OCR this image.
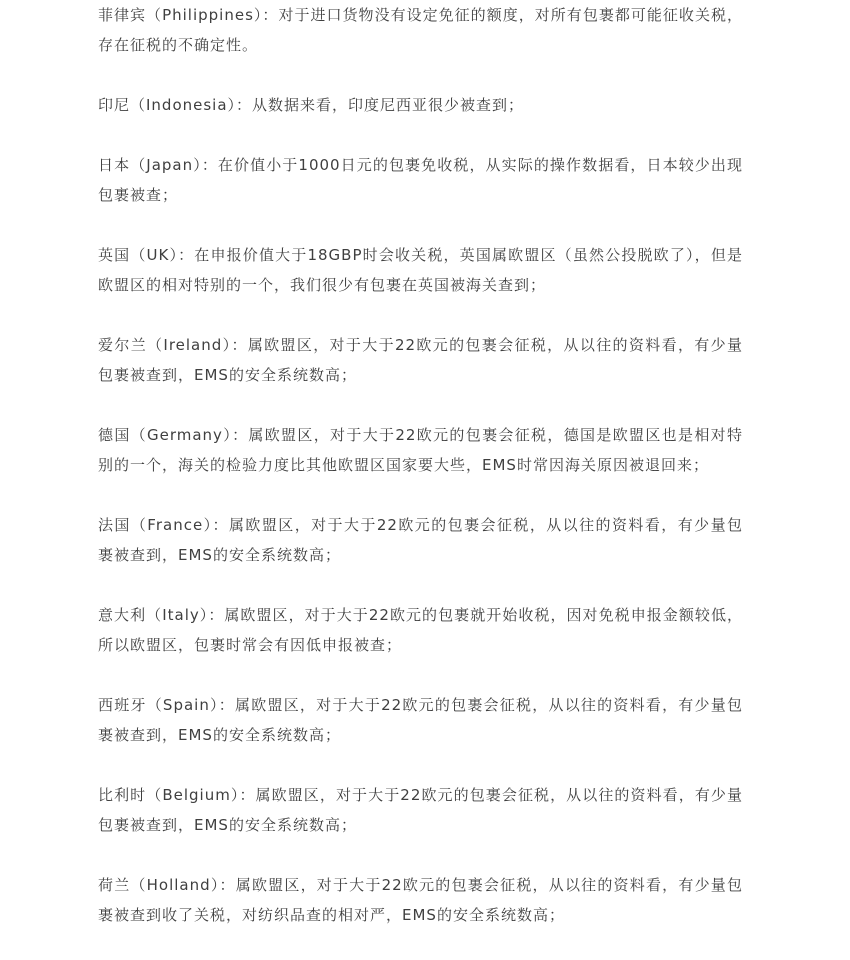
菲律宾（Philippines）：对于进口货物没有设定免征的额度，对所有包裹都可能征收关税，存在征税的不确定性。

印尼（Indonesia）：从数据来看，印度尼西亚很少被查到；

日本（Japan）：在价值小于1000日元的包裹免收税，从实际的操作数据看，日本较少出现包裹被查；

英国（UK）：在申报价值大于18GBP时会收关税，英国属欧盟区（虽然公投脱欧了），但是欧盟区的相对特别的一个，我们很少有包裹在英国被海关查到；

爱尔兰（Ireland）：属欧盟区，对于大于22欧元的包裹会征税，从以往的资料看，有少量包裹被查到，EMS的安全系统数高；

德国（Germany）：属欧盟区，对于大于22欧元的包裹会征税，德国是欧盟区也是相对特别的一个，海关的检验力度比其他欧盟区国家要大些，EMS时常因海关原因被退回来；

法国（France）：属欧盟区，对于大于22欧元的包裹会征税，从以往的资料看，有少量包裹被查到，EMS的安全系统数高；

意大利（Italy）：属欧盟区，对于大于22欧元的包裹就开始收税，因对免税申报金额较低，所以欧盟区，包裹时常会有因低申报被查；

西班牙（Spain）：属欧盟区，对于大于22欧元的包裹会征税，从以往的资料看，有少量包裹被查到，EMS的安全系统数高；

比利时（Belgium）：属欧盟区，对于大于22欧元的包裹会征税，从以往的资料看，有少量包裹被查到，EMS的安全系统数高；

荷兰（Holland）：属欧盟区，对于大于22欧元的包裹会征税，从以往的资料看，有少量包裹被查到收了关税，对纺织品查的相对严，EMS的安全系统数高；
